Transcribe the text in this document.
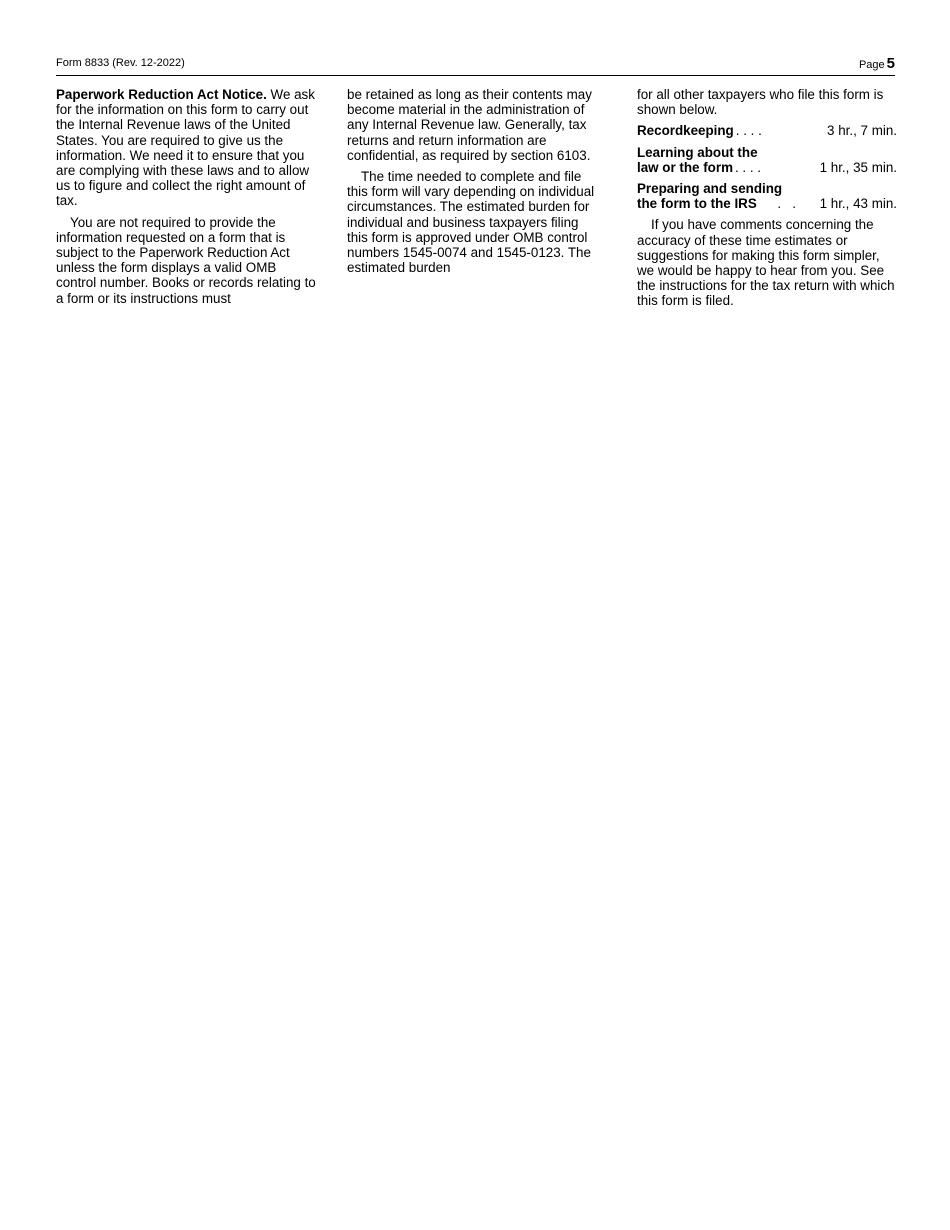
Form 8833 (Rev. 12-2022)	Page 5

Paperwork Reduction Act Notice. We ask for the information on this form to carry out the Internal Revenue laws of the United States. You are required to give us the information. We need it to ensure that you are complying with these laws and to allow us to figure and collect the right amount of tax.

You are not required to provide the information requested on a form that is subject to the Paperwork Reduction Act unless the form displays a valid OMB control number. Books or records relating to a form or its instructions must

be retained as long as their contents may become material in the administration of any Internal Revenue law. Generally, tax returns and return information are confidential, as required by section 6103.

The time needed to complete and file this form will vary depending on individual circumstances. The estimated burden for individual and business taxpayers filing this form is approved under OMB control numbers 1545-0074 and 1545-0123. The estimated burden

for all other taxpayers who file this form is shown below.

Recordkeeping . . . .	3 hr., 7 min.
Learning about the
law or the form . . . .	1 hr., 35 min.
Preparing and sending
the form to the IRS .   .	1 hr., 43 min.

If you have comments concerning the accuracy of these time estimates or suggestions for making this form simpler, we would be happy to hear from you. See the instructions for the tax return with which this form is filed.
